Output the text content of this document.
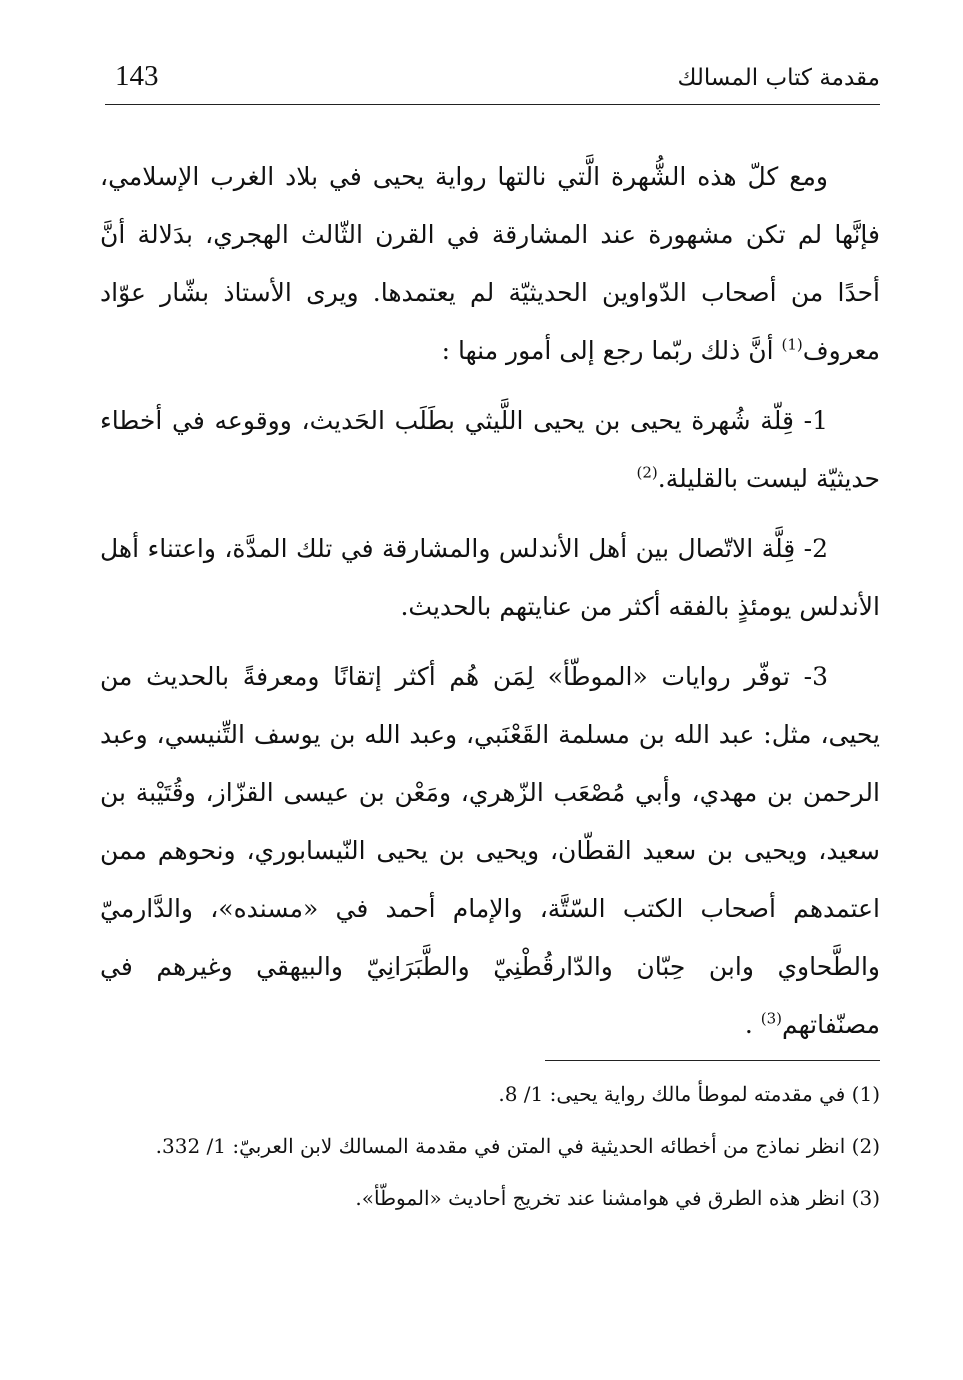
143	مقدمة كتاب المسالك

ومع كلّ هذه الشُّهرة الَّتي نالتها رواية يحيى في بلاد الغرب الإسلامي، فإنَّها لم تكن مشهورة عند المشارقة في القرن الثّالث الهجري، بدَلالة أنَّ أحدًا من أصحاب الدّواوين الحديثيّة لم يعتمدها. ويرى الأستاذ بشّار عوّاد معروف$^{(1)}$ أنَّ ذلك ربّما رجع إلى أمور منها :

1- قِلّة شُهرة يحيى بن يحيى اللَّيثي بطَلَب الحَديث، ووقوعه في أخطاء حديثيّة ليست بالقليلة.$^{(2)}$

2- قِلَّة الاتّصال بين أهل الأندلس والمشارقة في تلك المدَّة، واعتناء أهل الأندلس يومئذٍ بالفقه أكثر من عنايتهم بالحديث.

3- توفّر روايات «الموطّأ» لِمَن هُم أكثر إتقانًا ومعرفةً بالحديث من يحيى، مثل: عبد الله بن مسلمة القَعْنَبي، وعبد الله بن يوسف التِّنيسي، وعبد الرحمن بن مهدي، وأبي مُصْعَب الزّهري، ومَعْن بن عيسى القزّاز، وقُتَيْبة بن سعيد، ويحيى بن سعيد القطّان، ويحيى بن يحيى النّيسابوري، ونحوهم ممن اعتمدهم أصحاب الكتب السّتَّة، والإمام أحمد في «مسنده»، والدَّارميّ والطَّحاوي وابن حِبّان والدّارقُطْنِيّ والطَّبَرَانِيّ والبيهقي وغيرهم في مصنّفاتهم$^{(3)}$ .

(1) في مقدمته لموطأ مالك رواية يحيى: 1/ 8.

(2) انظر نماذج من أخطائه الحديثية في المتن في مقدمة المسالك لابن العربيّ: 1/ 332.

(3) انظر هذه الطرق في هوامشنا عند تخريج أحاديث «الموطّأ».
